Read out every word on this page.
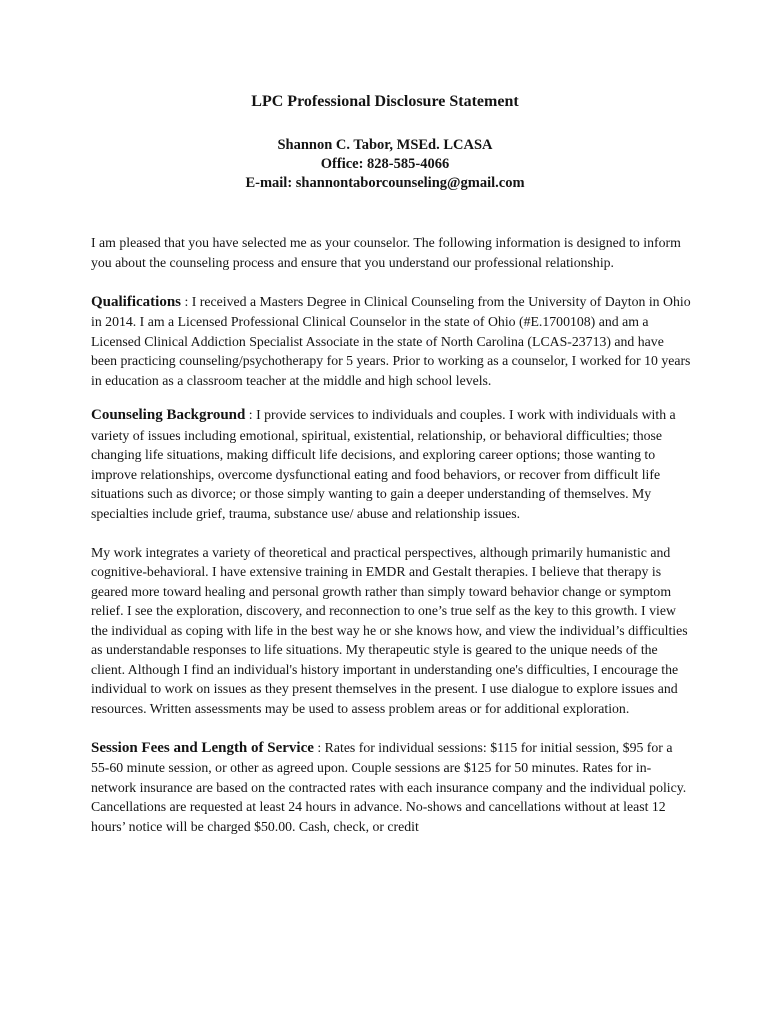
LPC Professional Disclosure Statement
Shannon C. Tabor, MSEd. LCASA
Office: 828-585-4066
E-mail: shannontaborcounseling@gmail.com

I am pleased that you have selected me as your counselor. The following information is designed to inform you about the counseling process and ensure that you understand our professional relationship.

Qualifications : I received a Masters Degree in Clinical Counseling from the University of Dayton in Ohio in 2014. I am a Licensed Professional Clinical Counselor in the state of Ohio (#E.1700108) and am a Licensed Clinical Addiction Specialist Associate in the state of North Carolina (LCAS-23713) and have been practicing counseling/psychotherapy for 5 years. Prior to working as a counselor, I worked for 10 years in education as a classroom teacher at the middle and high school levels.

Counseling Background : I provide services to individuals and couples. I work with individuals with a variety of issues including emotional, spiritual, existential, relationship, or behavioral difficulties; those changing life situations, making difficult life decisions, and exploring career options; those wanting to improve relationships, overcome dysfunctional eating and food behaviors, or recover from difficult life situations such as divorce; or those simply wanting to gain a deeper understanding of themselves. My specialties include grief, trauma, substance use/ abuse and relationship issues.

My work integrates a variety of theoretical and practical perspectives, although primarily humanistic and cognitive-behavioral. I have extensive training in EMDR and Gestalt therapies. I believe that therapy is geared more toward healing and personal growth rather than simply toward behavior change or symptom relief. I see the exploration, discovery, and reconnection to one’s true self as the key to this growth. I view the individual as coping with life in the best way he or she knows how, and view the individual’s difficulties as understandable responses to life situations. My therapeutic style is geared to the unique needs of the client. Although I find an individual's history important in understanding one's difficulties, I encourage the individual to work on issues as they present themselves in the present. I use dialogue to explore issues and resources. Written assessments may be used to assess problem areas or for additional exploration.

Session Fees and Length of Service : Rates for individual sessions: $115 for initial session, $95 for a 55-60 minute session, or other as agreed upon. Couple sessions are $125 for 50 minutes. Rates for in-network insurance are based on the contracted rates with each insurance company and the individual policy. Cancellations are requested at least 24 hours in advance. No-shows and cancellations without at least 12 hours’ notice will be charged $50.00. Cash, check, or credit
